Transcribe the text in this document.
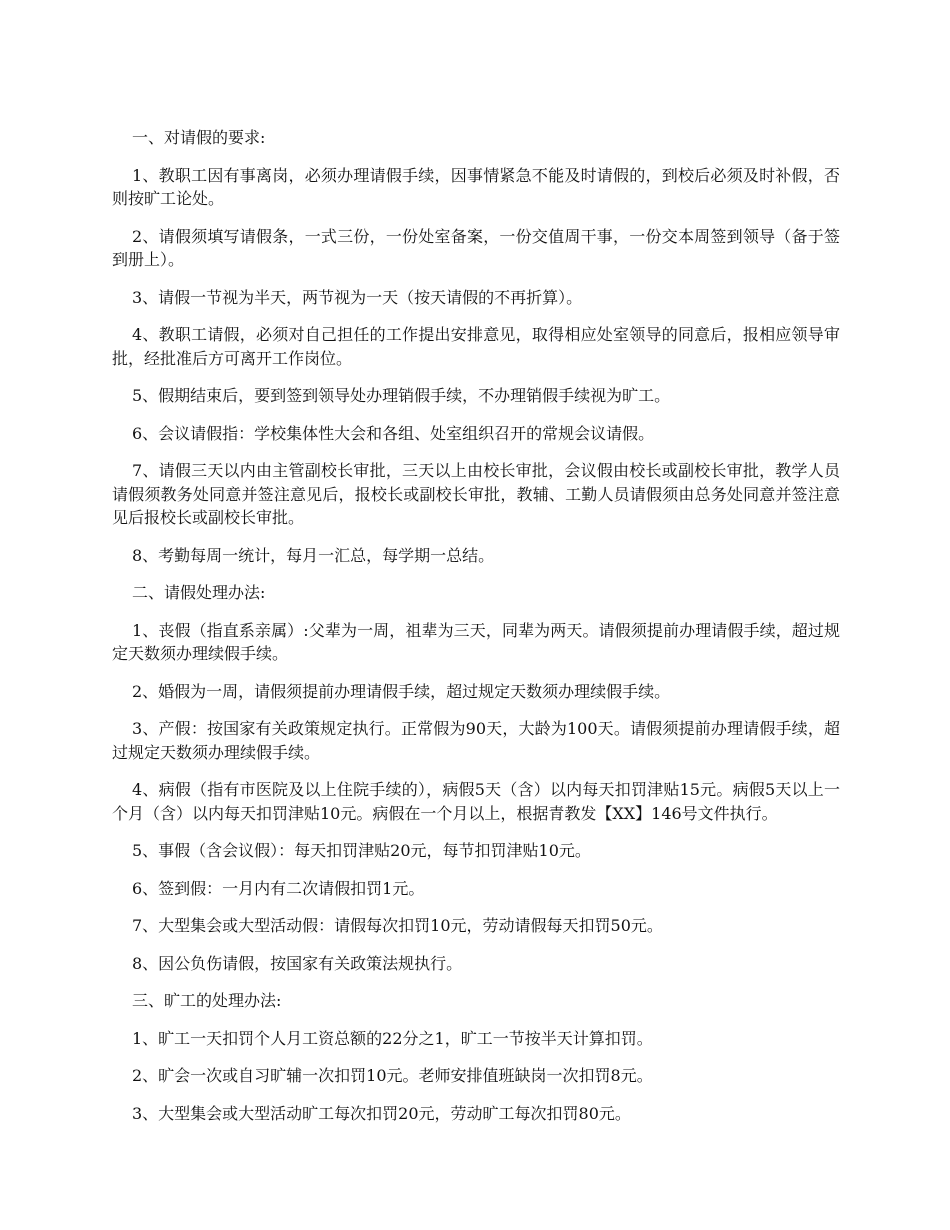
一、对请假的要求:

1、教职工因有事离岗，必须办理请假手续，因事情紧急不能及时请假的，到校后必须及时补假，否则按旷工论处。

2、请假须填写请假条，一式三份，一份处室备案，一份交值周干事，一份交本周签到领导（备于签到册上）。

3、请假一节视为半天，两节视为一天（按天请假的不再折算）。

4、教职工请假，必须对自己担任的工作提出安排意见，取得相应处室领导的同意后，报相应领导审批，经批准后方可离开工作岗位。

5、假期结束后，要到签到领导处办理销假手续，不办理销假手续视为旷工。

6、会议请假指：学校集体性大会和各组、处室组织召开的常规会议请假。

7、请假三天以内由主管副校长审批，三天以上由校长审批，会议假由校长或副校长审批，教学人员请假须教务处同意并签注意见后，报校长或副校长审批，教辅、工勤人员请假须由总务处同意并签注意见后报校长或副校长审批。

8、考勤每周一统计，每月一汇总，每学期一总结。

二、请假处理办法:

1、丧假（指直系亲属）:父辈为一周，祖辈为三天，同辈为两天。请假须提前办理请假手续，超过规定天数须办理续假手续。

2、婚假为一周，请假须提前办理请假手续，超过规定天数须办理续假手续。

3、产假：按国家有关政策规定执行。正常假为90天，大龄为100天。请假须提前办理请假手续，超过规定天数须办理续假手续。

4、病假（指有市医院及以上住院手续的），病假5天（含）以内每天扣罚津贴15元。病假5天以上一个月（含）以内每天扣罚津贴10元。病假在一个月以上，根据青教发【XX】146号文件执行。

5、事假（含会议假）：每天扣罚津贴20元，每节扣罚津贴10元。

6、签到假：一月内有二次请假扣罚1元。

7、大型集会或大型活动假：请假每次扣罚10元，劳动请假每天扣罚50元。

8、因公负伤请假，按国家有关政策法规执行。

三、旷工的处理办法:

1、旷工一天扣罚个人月工资总额的22分之1，旷工一节按半天计算扣罚。

2、旷会一次或自习旷辅一次扣罚10元。老师安排值班缺岗一次扣罚8元。

3、大型集会或大型活动旷工每次扣罚20元，劳动旷工每次扣罚80元。
